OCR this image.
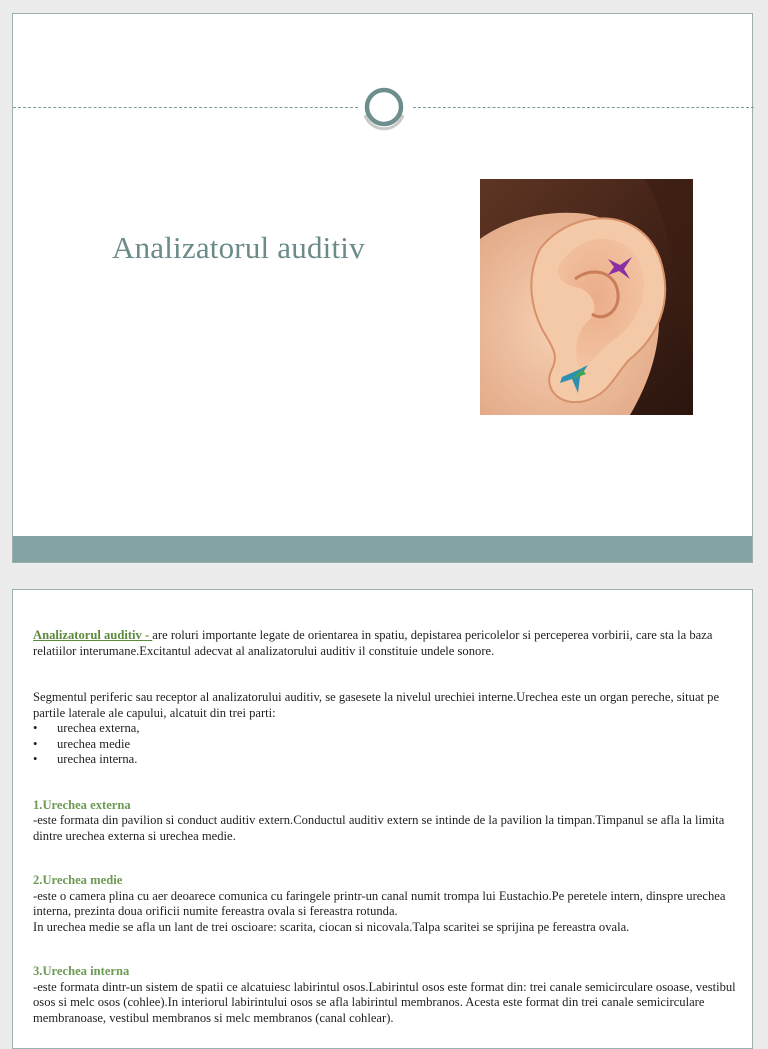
Analizatorul auditiv

Analizatorul auditiv - are roluri importante legate de orientarea in spatiu, depistarea pericolelor si perceperea vorbirii, care sta la baza relatiilor interumane.Excitantul adecvat al analizatorului auditiv il constituie undele sonore.

Segmentul periferic sau receptor al analizatorului auditiv, se gasesete la nivelul urechiei interne.Urechea este un organ pereche, situat pe partile laterale ale capului, alcatuit din trei parti:

•	urechea externa,
•	urechea medie
•	urechea interna.

1.Urechea externa

-este formata din pavilion si conduct auditiv extern.Conductul auditiv extern se intinde de la pavilion la timpan.Timpanul se afla la limita dintre urechea externa si urechea medie.

2.Urechea medie

-este o camera plina cu aer deoarece comunica cu faringele printr-un canal numit trompa lui Eustachio.Pe peretele intern, dinspre urechea interna, prezinta doua orificii numite fereastra ovala si fereastra rotunda.

In urechea medie se afla un lant de trei oscioare: scarita, ciocan si nicovala.Talpa scaritei se sprijina pe fereastra ovala.

3.Urechea interna

-este formata dintr-un sistem de spatii ce alcatuiesc labirintul osos.Labirintul osos este format din: trei canale semicirculare osoase, vestibul osos si melc osos (cohlee).In interiorul labirintului osos se afla labirintul membranos. Acesta este format din trei canale semicirculare membranoase, vestibul membranos si melc membranos (canal cohlear).
